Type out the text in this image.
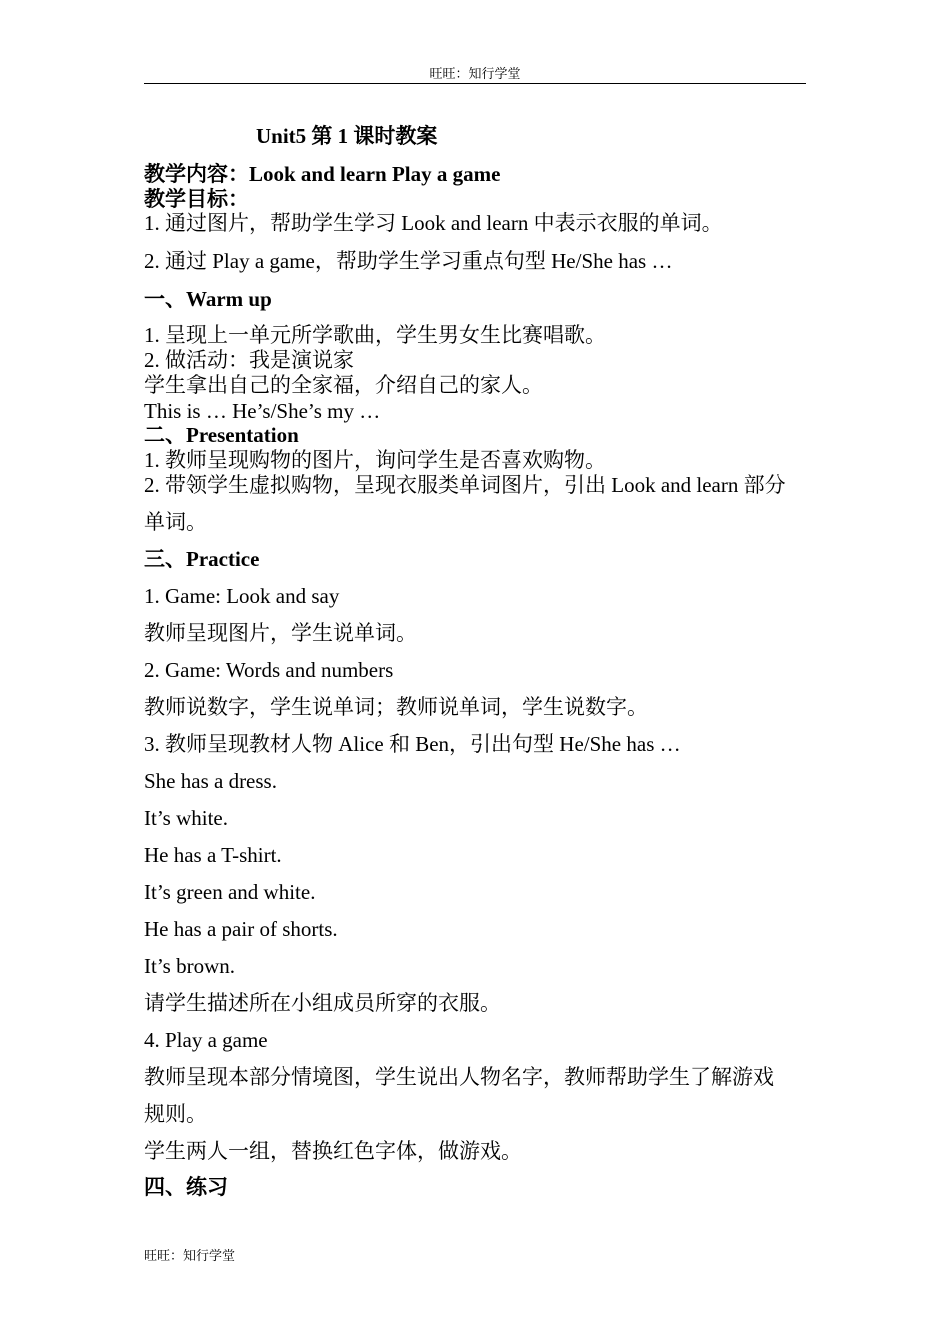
旺旺：知行学堂
Unit5 第 1 课时教案
教学内容：Look and learn Play a game
教学目标：
1. 通过图片，帮助学生学习 Look and learn 中表示衣服的单词。
2. 通过 Play a game，帮助学生学习重点句型 He/She has …
一、Warm up
1. 呈现上一单元所学歌曲，学生男女生比赛唱歌。
2. 做活动：我是演说家
学生拿出自己的全家福，介绍自己的家人。
This is … He’s/She’s my …
二、Presentation
1. 教师呈现购物的图片，询问学生是否喜欢购物。
2. 带领学生虚拟购物，呈现衣服类单词图片，引出 Look and learn 部分
单词。
三、Practice
1. Game: Look and say
教师呈现图片，学生说单词。
2. Game: Words and numbers
教师说数字，学生说单词；教师说单词，学生说数字。
3. 教师呈现教材人物 Alice 和 Ben，引出句型 He/She has …
She has a dress.
It’s white.
He has a T-shirt.
It’s green and white.
He has a pair of shorts.
It’s brown.
请学生描述所在小组成员所穿的衣服。
4. Play a game
教师呈现本部分情境图，学生说出人物名字，教师帮助学生了解游戏
规则。
学生两人一组，替换红色字体，做游戏。
四、练习
旺旺：知行学堂
